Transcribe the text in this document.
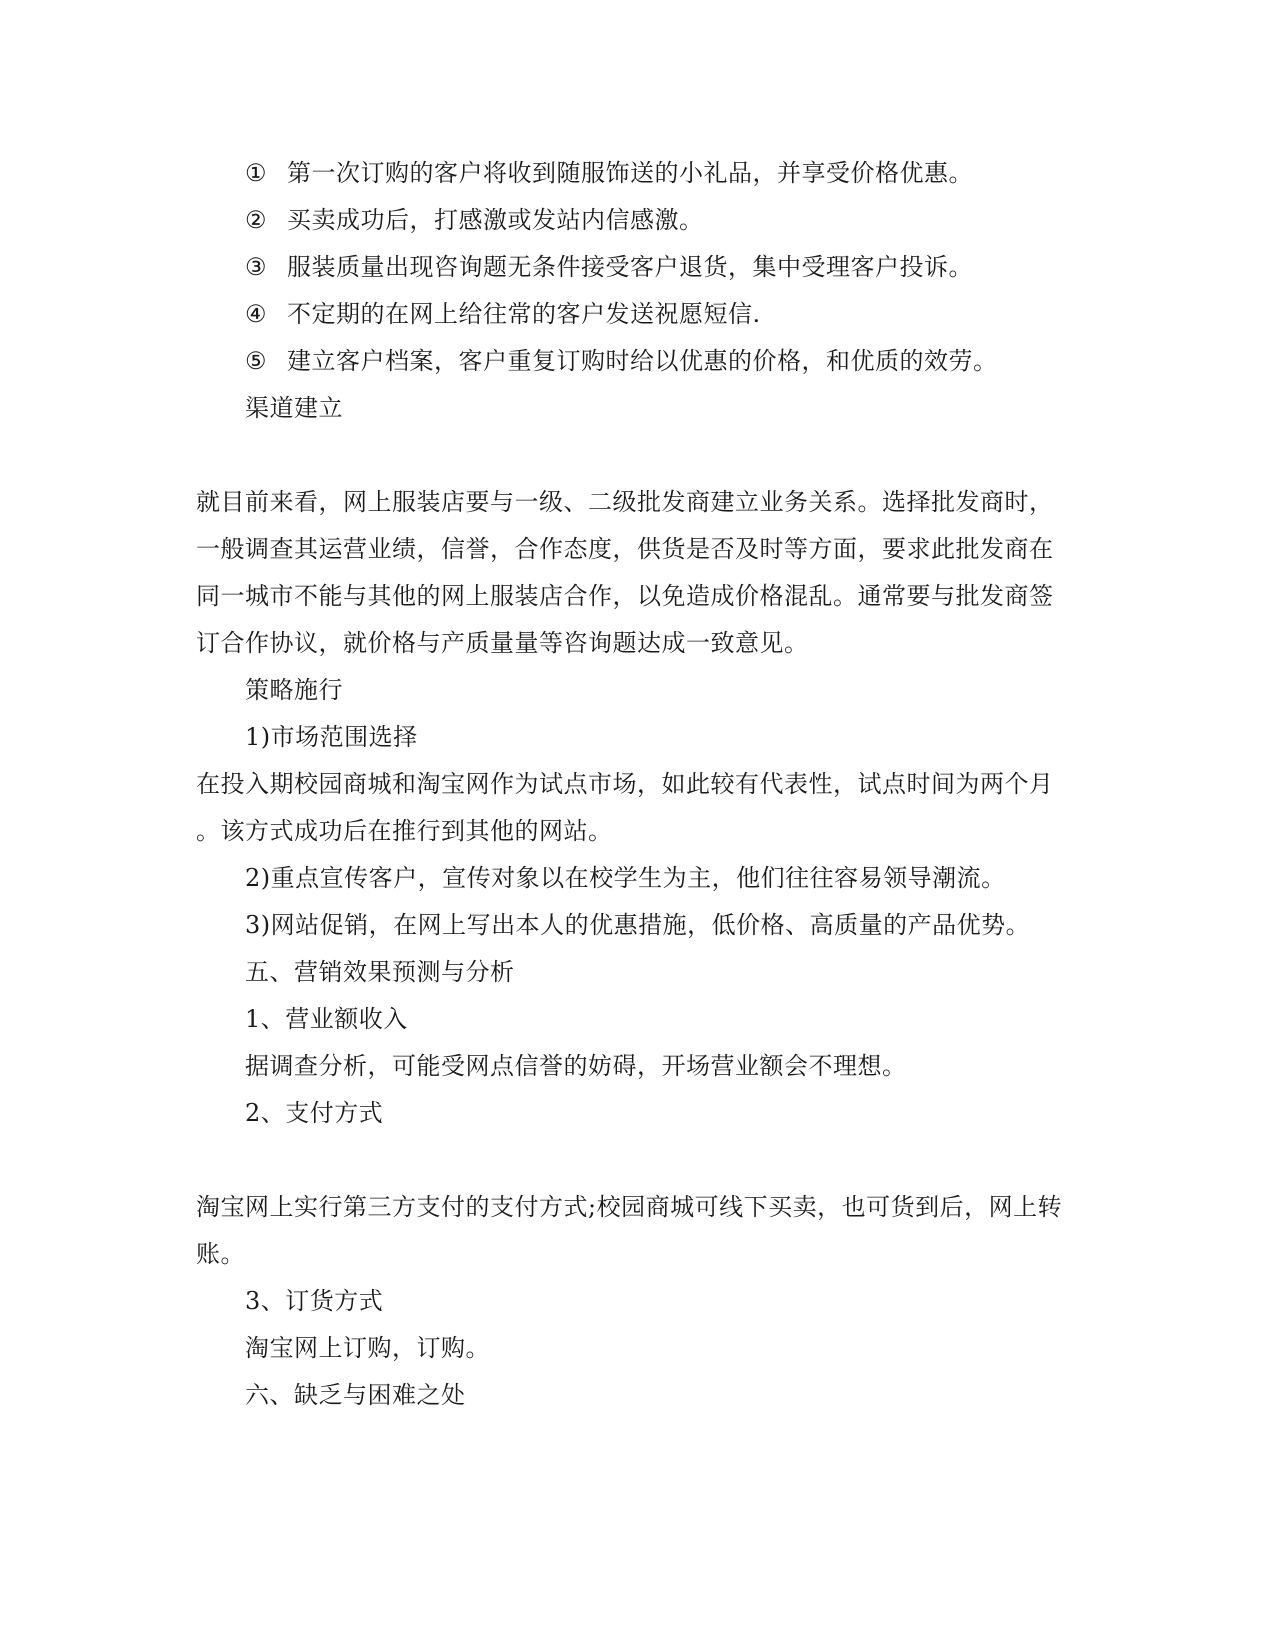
① 第一次订购的客户将收到随服饰送的小礼品，并享受价格优惠。
② 买卖成功后，打感激或发站内信感激。
③ 服装质量出现咨询题无条件接受客户退货，集中受理客户投诉。
④ 不定期的在网上给往常的客户发送祝愿短信.
⑤ 建立客户档案，客户重复订购时给以优惠的价格，和优质的效劳。
渠道建立
就目前来看，网上服装店要与一级、二级批发商建立业务关系。选择批发商时，
一般调查其运营业绩，信誉，合作态度，供货是否及时等方面，要求此批发商在
同一城市不能与其他的网上服装店合作，以免造成价格混乱。通常要与批发商签
订合作协议，就价格与产质量量等咨询题达成一致意见。
策略施行
1)市场范围选择
在投入期校园商城和淘宝网作为试点市场，如此较有代表性，试点时间为两个月
。该方式成功后在推行到其他的网站。
2)重点宣传客户，宣传对象以在校学生为主，他们往往容易领导潮流。
3)网站促销，在网上写出本人的优惠措施，低价格、高质量的产品优势。
五、营销效果预测与分析
1、营业额收入
据调查分析，可能受网点信誉的妨碍，开场营业额会不理想。
2、支付方式
淘宝网上实行第三方支付的支付方式;校园商城可线下买卖，也可货到后，网上转
账。
3、订货方式
淘宝网上订购，订购。
六、缺乏与困难之处
